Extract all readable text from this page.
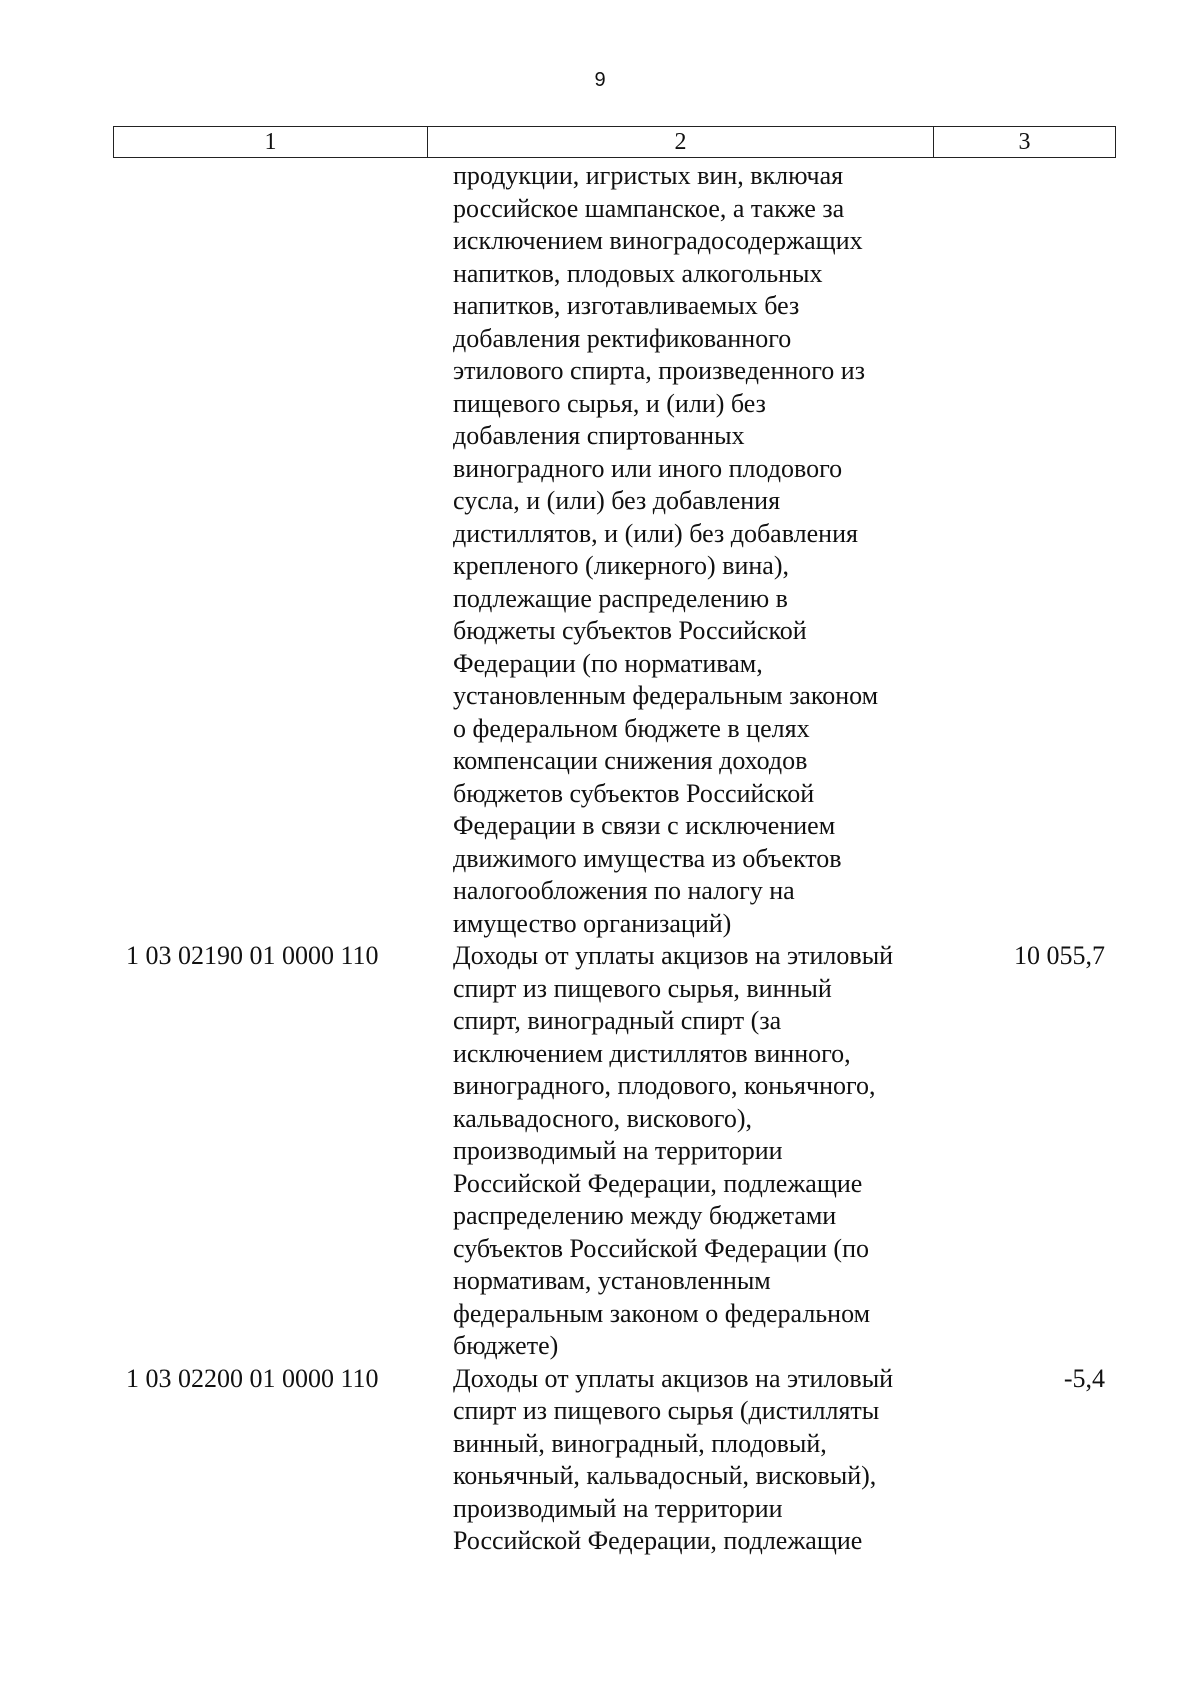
9
1	2	3
продукции, игристых вин, включая
российское шампанское, а также за
исключением виноградосодержащих
напитков, плодовых алкогольных
напитков, изготавливаемых без
добавления ректификованного
этилового спирта, произведенного из
пищевого сырья, и (или) без
добавления спиртованных
виноградного или иного плодового
сусла, и (или) без добавления
дистиллятов, и (или) без добавления
крепленого (ликерного) вина),
подлежащие распределению в
бюджеты субъектов Российской
Федерации (по нормативам,
установленным федеральным законом
о федеральном бюджете в целях
компенсации снижения доходов
бюджетов субъектов Российской
Федерации в связи с исключением
движимого имущества из объектов
налогообложения по налогу на
имущество организаций)
1 03 02190 01 0000 110	Доходы от уплаты акцизов на этиловый
спирт из пищевого сырья, винный
спирт, виноградный спирт (за
исключением дистиллятов винного,
виноградного, плодового, коньячного,
кальвадосного, вискового),
производимый на территории
Российской Федерации, подлежащие
распределению между бюджетами
субъектов Российской Федерации (по
нормативам, установленным
федеральным законом о федеральном
бюджете)
10 055,7
1 03 02200 01 0000 110	Доходы от уплаты акцизов на этиловый
спирт из пищевого сырья (дистилляты
винный, виноградный, плодовый,
коньячный, кальвадосный, висковый),
производимый на территории
Российской Федерации, подлежащие
-5,4
